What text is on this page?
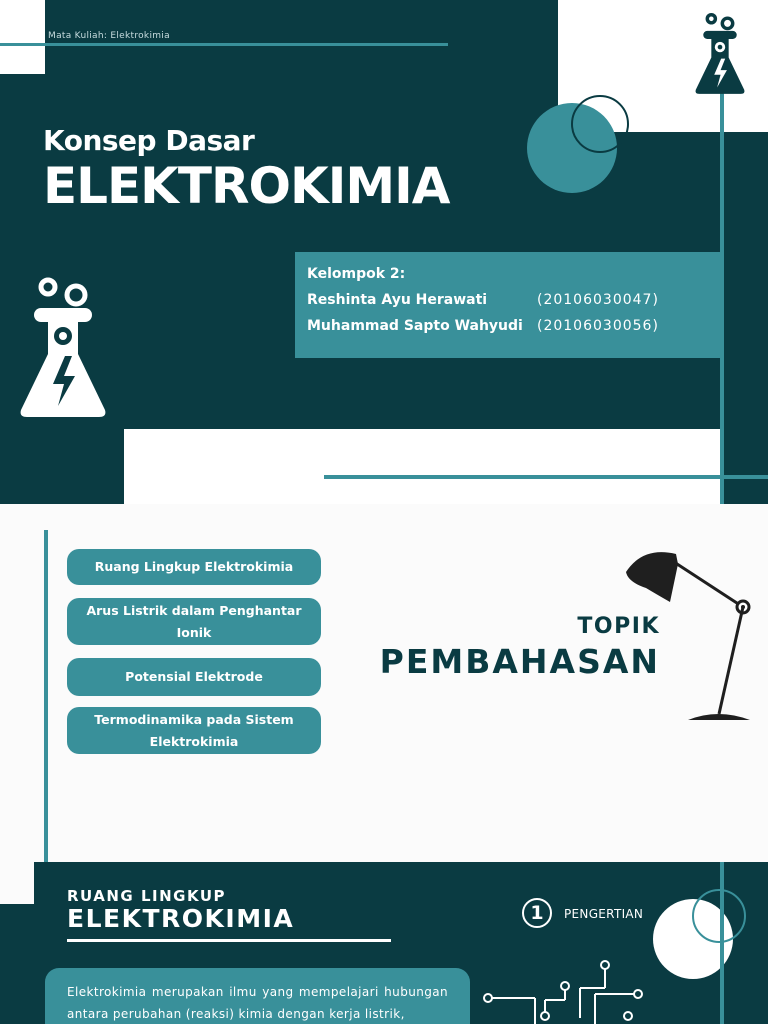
Mata Kuliah: Elektrokimia
Konsep Dasar
ELEKTROKIMIA
Kelompok 2:
Reshinta Ayu Herawati	(20106030047)
Muhammad Sapto Wahyudi (20106030056)
Ruang Lingkup Elektrokimia
Arus Listrik dalam Penghantar Ionik
Potensial Elektrode
Termodinamika pada Sistem Elektrokimia
TOPIK
PEMBAHASAN
RUANG LINGKUP
ELEKTROKIMIA	1	PENGERTIAN
Elektrokimia merupakan ilmu yang mempelajari hubungan antara perubahan (reaksi) kimia dengan kerja listrik,
